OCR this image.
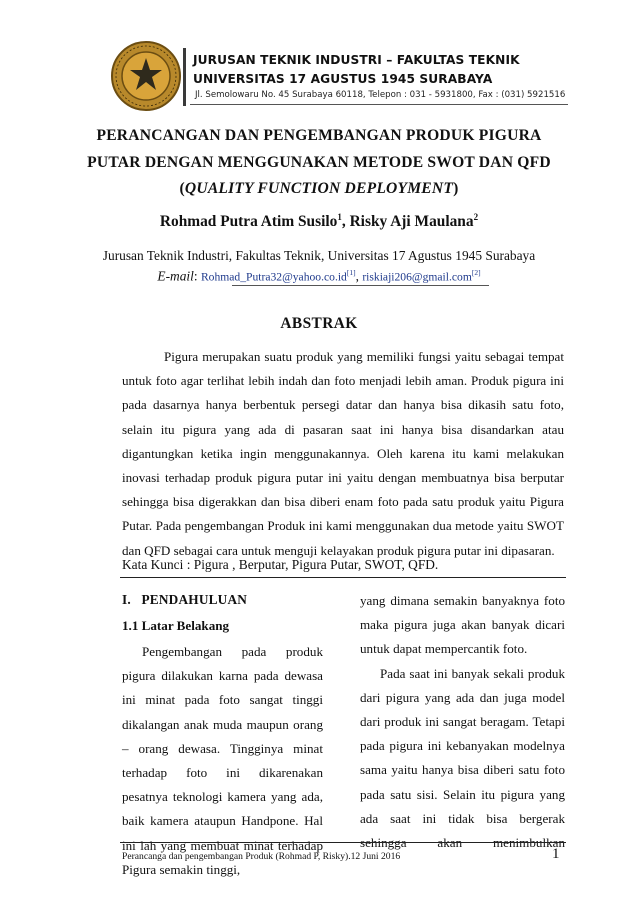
JURUSAN TEKNIK INDUSTRI – FAKULTAS TEKNIK
UNIVERSITAS 17 AGUSTUS 1945 SURABAYA
Jl. Semolowaru No. 45 Surabaya 60118, Telepon : 031 - 5931800, Fax : (031) 5921516
PERANCANGAN DAN PENGEMBANGAN PRODUK PIGURA
PUTAR DENGAN MENGGUNAKAN METODE SWOT DAN QFD
(QUALITY FUNCTION DEPLOYMENT)
Rohmad Putra Atim Susilo$^1$, Risky Aji Maulana$^2$
Jurusan Teknik Industri, Fakultas Teknik, Universitas 17 Agustus 1945 Surabaya
E-mail: Rohmad_Putra32@yahoo.co.id[1], riskiaji206@gmail.com[2]
ABSTRAK

Pigura merupakan suatu produk yang memiliki fungsi yaitu sebagai tempat untuk foto agar terlihat lebih indah dan foto menjadi lebih aman. Produk pigura ini pada dasarnya hanya berbentuk persegi datar dan hanya bisa dikasih satu foto, selain itu pigura yang ada di pasaran saat ini hanya bisa disandarkan atau digantungkan ketika ingin menggunakannya. Oleh karena itu kami melakukan inovasi terhadap produk pigura putar ini yaitu dengan membuatnya bisa berputar sehingga bisa digerakkan dan bisa diberi enam foto pada satu produk yaitu Pigura Putar. Pada pengembangan Produk ini kami menggunakan dua metode yaitu SWOT dan QFD sebagai cara untuk menguji kelayakan produk pigura putar ini dipasaran.

Kata Kunci : Pigura , Berputar, Pigura Putar, SWOT, QFD.
I.   PENDAHULUAN
1.1 Latar Belakang

Pengembangan pada produk pigura dilakukan karna pada dewasa ini minat pada foto sangat tinggi dikalangan anak muda maupun orang – orang dewasa. Tingginya minat terhadap foto ini dikarenakan pesatnya teknologi kamera yang ada, baik kamera ataupun Handpone. Hal ini lah yang membuat minat terhadap Pigura semakin tinggi,

yang dimana semakin banyaknya foto maka pigura juga akan banyak dicari untuk dapat mempercantik foto.

Pada saat ini banyak sekali produk dari pigura yang ada dan juga model dari produk ini sangat beragam. Tetapi pada pigura ini kebanyakan modelnya sama yaitu hanya bisa diberi satu foto pada satu sisi. Selain itu pigura yang ada saat ini tidak bisa bergerak sehingga akan menimbulkan

Perancanga dan pengembangan Produk (Rohmad P, Risky).12 Juni 2016	1
